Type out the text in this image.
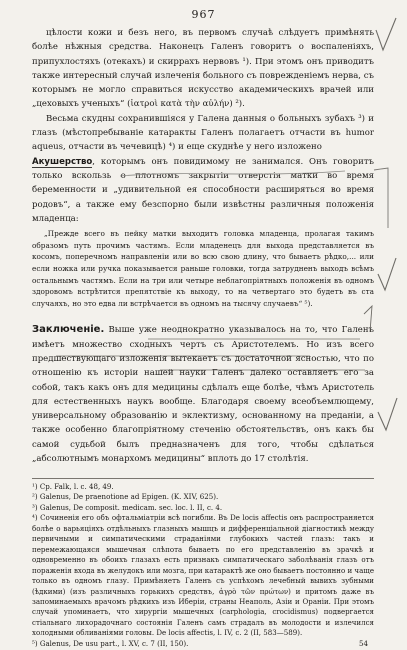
967
цѣлости кожи и безъ него, въ первомъ случаѣ слѣдуетъ примѣнять болѣе нѣжныя средства. Наконецъ Галенъ говоритъ о воспаленіяхъ, припухлостяхъ (отекахъ) и скиррахъ нервовъ ¹). При этомъ онъ приводитъ также интересный случай излеченія больного съ поврежденіемъ нерва, съ которымъ не могло справиться искусство академическихъ врачей или „цеховыхъ ученыхъ“ (ἰατροὶ κατὰ τὴν αὐλήν) ²).
Весьма скудны сохранившіяся у Галена данныя о больныхъ зубахъ ³) и глазъ (мѣстопребываніе катаракты Галенъ полагаетъ отчасти въ humor aqueus, отчасти въ чечевицѣ) ⁴) и еще скуднѣе у него изложено
Акушерство, которымъ онъ повидимому не занимался. Онъ говоритъ только вскользь о плотномъ закрытіи отверстія матки во время беременности и „удивительной ея способности расширяться во время родовъ“, а также ему безспорно были извѣстны различныя положенія младенца:
„Прежде всего въ пейку матки выходитъ головка младенца, пролагая такимъ образомъ путь прочимъ частямъ. Если младенецъ для выхода представляется въ косомъ, поперечномъ направленіи или во всю свою длину, что бываетъ рѣдко,... или если ножка или ручка показывается раньше головки, тогда затрудненъ выходъ всѣмъ остальнымъ частямъ. Если на три или четыре неблагопріятныхъ положенія въ одномъ здоровомъ встрѣтится препятствіе къ выходу, то на четвертаго это будетъ въ ста случаяхъ, но это едва ли встрѣчается въ одномъ на тысячу случаевъ“ ⁵).
Заключеніе. Выше уже неоднократно указывалось на то, что Галенъ имѣетъ множество сходныхъ чертъ съ Аристотелемъ. Но изъ всего предшествующаго изложенія вытекаетъ съ достаточной ясностью, что по отношенію къ исторіи нашей науки Галенъ далеко оставляетъ его за собой, такъ какъ онъ для медицины сдѣлалъ еще болѣе, чѣмъ Аристотель для естественныхъ наукъ вообще. Благодаря своему всеобъемлющему, универсальному образованію и эклектизму, основанному на преданіи, а также особенно благопріятному стеченію обстоятельствъ, онъ какъ бы самой судьбой былъ предназначенъ для того, чтобы сдѣлаться „абсолютнымъ монархомъ медицины“ вплоть до 17 столѣтія.

¹) Ср. Falk, l. c. 48, 49.

²) Galenus, De praenotione ad Epigen. (K. XIV, 625).

³) Galenus, De composit. medicam. sec. loc. l. II, c. 4.

⁴) Сочиненія его объ офтальміатріи всѣ погибли. Въ De locis affectis онъ распространяется болѣе о варьяціяхъ отдѣльныхъ глазныхъ мышцъ и дифференціальной діагностикѣ между первичными и симпатическими страданіями глубокихъ частей глазъ: такъ и перемежающаяся мышечная слѣпота бываетъ по его представленію въ зрачкѣ и одновременно въ обоихъ глазахъ есть признакъ симпатическаго заболѣванія глазъ отъ пораженія входа въ желудокъ или мозга, при катарактѣ же оно бываетъ постоянно и чаще только въ одномъ глазу. Примѣняетъ Галенъ съ успѣхомъ лечебный вывихъ зубными (ѣдкими) (изъ различныхъ горькихъ средствъ, ἀγρὸ τῶν πρώτων) и притомъ даже въ запоминаемыхъ врачомъ рѣдкихъ изъ Иберіи, страны Неаполь, Азіи и Ораніи. При этомъ случай упоминаетъ, что хирургіи мышечных (carphologia, crocidismus) подвергается стіальнаго лихорадочнаго состоянія Галенъ самъ страдалъ въ молодости и излечился холодными обливаніями головы. De locis affectis, l. IV, c. 2 (II, 583—589).

⁵) Galenus, De usu part., l. XV, c. 7 (II, 150).	54
